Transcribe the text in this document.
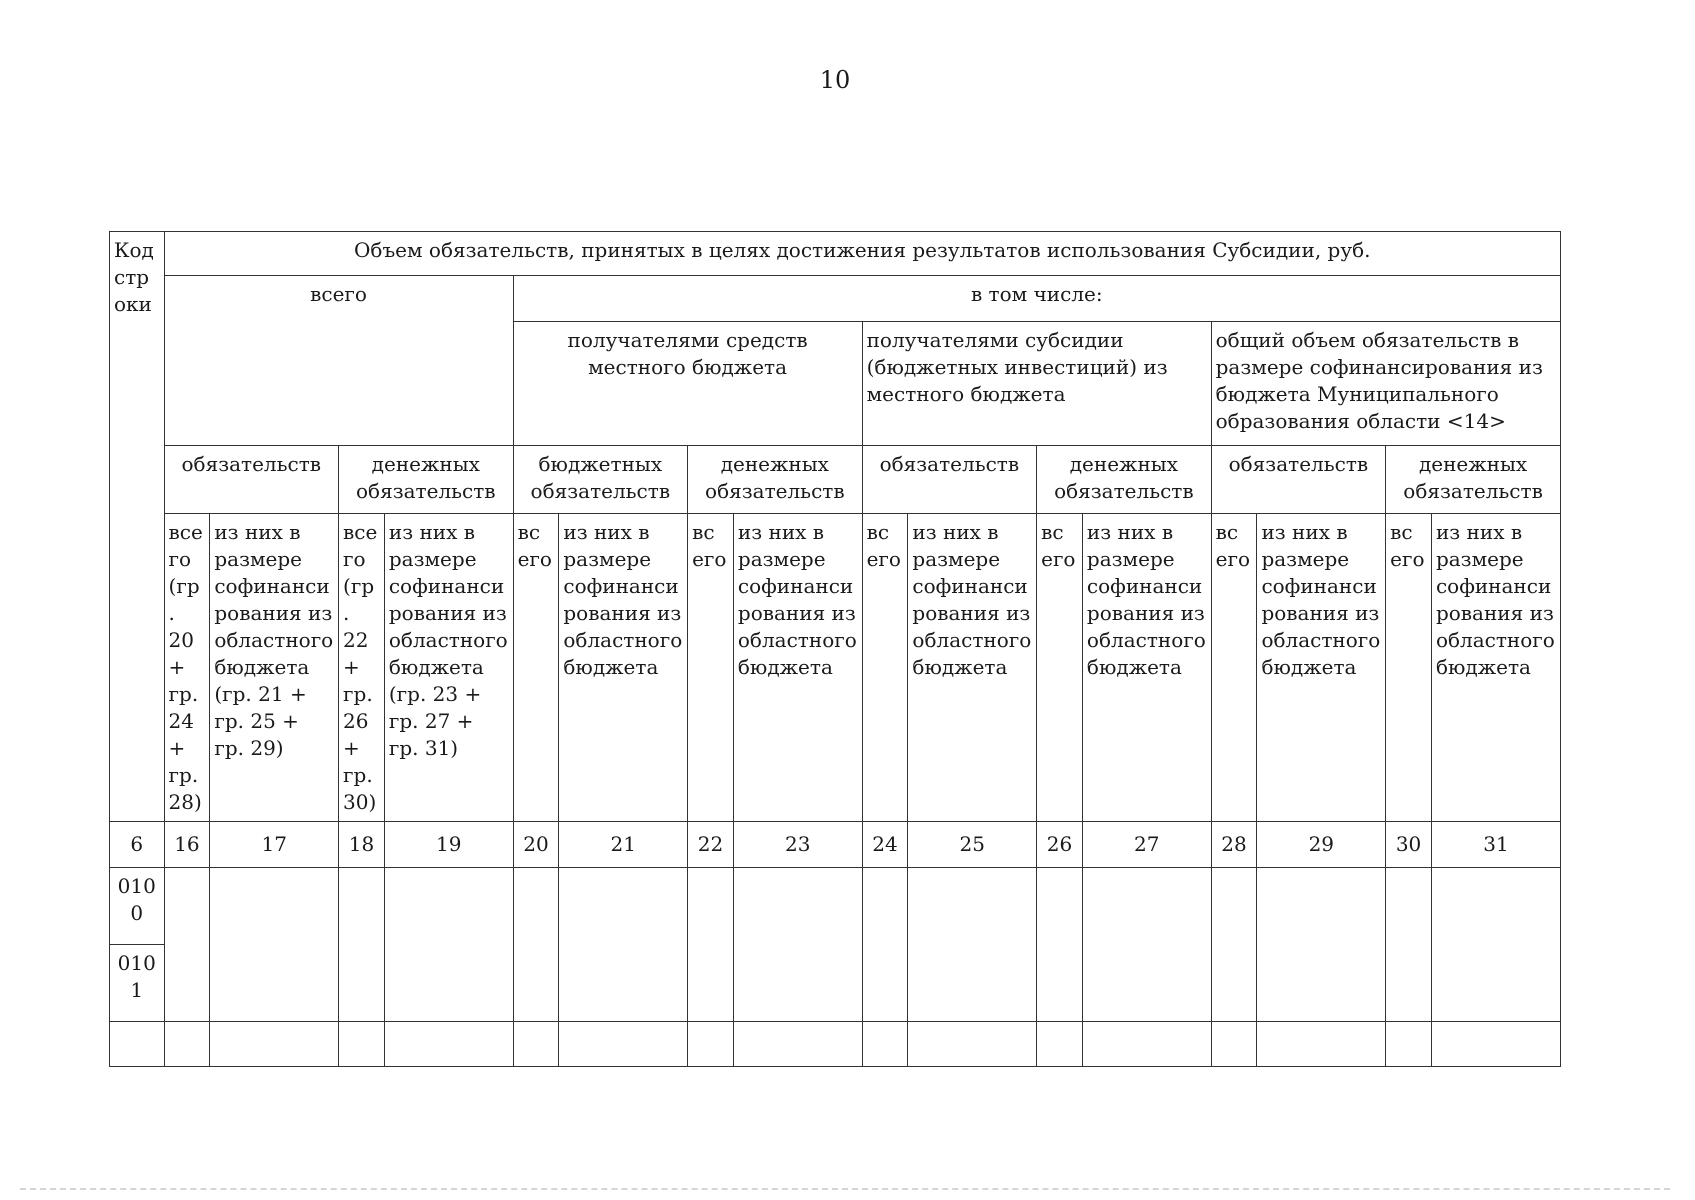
10
Код стр оки	Объем обязательств, принятых в целях достижения результатов использования Субсидии, руб.															
	всего				в том числе:											
					получателями средств местного бюджета				получателями субсидии (бюджетных инвестиций) из местного бюджета				общий объем обязательств в размере софинансирования из бюджета Муниципального образования области <14>			
	обязательств		денежных обязательств		бюджетных обязательств		денежных обязательств		обязательств		денежных обязательств		обязательств		денежных обязательств	
	все го (гр . 20 + гр. 24 + гр. 28)	из них в размере софинанси рования из областного бюджета (гр. 21 + гр. 25 + гр. 29)	все го (гр . 22 + гр. 26 + гр. 30)	из них в размере софинанси рования из областного бюджета (гр. 23 + гр. 27 + гр. 31)	вс его	из них в размере софинанси рования из областного бюджета	вс его	из них в размере софинанси рования из областного бюджета	вс его	из них в размере софинанси рования из областного бюджета	вс его	из них в размере софинанси рования из областного бюджета	вс его	из них в размере софинанси рования из областного бюджета	вс его	из них в размере софинанси рования из областного бюджета
6	16	17	18	19	20	21	22	23	24	25	26	27	28	29	30	31
010 0																
010 1																
